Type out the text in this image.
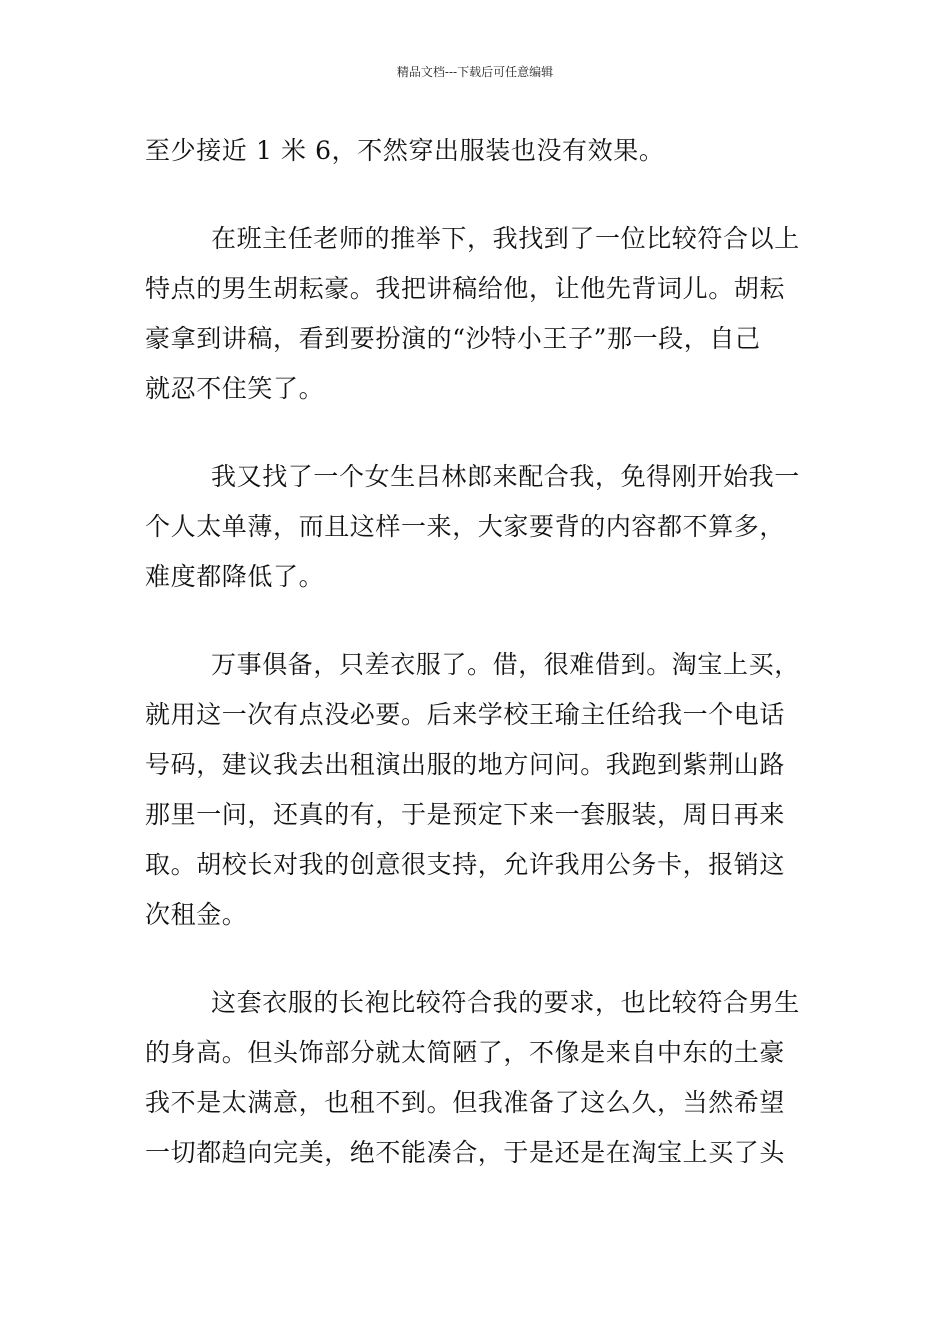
精品文档---下载后可任意编辑
至少接近 1 米 6，不然穿出服装也没有效果。
在班主任老师的推举下，我找到了一位比较符合以上
特点的男生胡耘豪。我把讲稿给他，让他先背词儿。胡耘
豪拿到讲稿，看到要扮演的“沙特小王子”那一段，自己
就忍不住笑了。
我又找了一个女生吕林郎来配合我，免得刚开始我一
个人太单薄，而且这样一来，大家要背的内容都不算多，
难度都降低了。
万事俱备，只差衣服了。借，很难借到。淘宝上买，
就用这一次有点没必要。后来学校王瑜主任给我一个电话
号码，建议我去出租演出服的地方问问。我跑到紫荆山路
那里一问，还真的有，于是预定下来一套服装，周日再来
取。胡校长对我的创意很支持，允许我用公务卡，报销这
次租金。
这套衣服的长袍比较符合我的要求，也比较符合男生
的身高。但头饰部分就太简陋了，不像是来自中东的土豪
我不是太满意，也租不到。但我准备了这么久，当然希望
一切都趋向完美，绝不能凑合，于是还是在淘宝上买了头
